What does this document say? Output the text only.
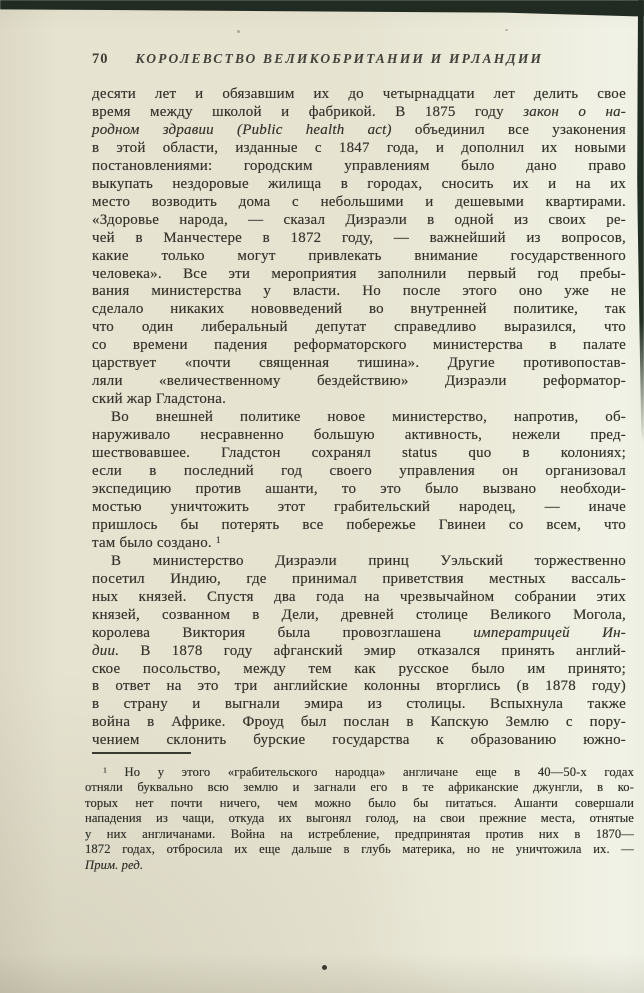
70 КОРОЛЕВСТВО ВЕЛИКОБРИТАНИИ И ИРЛАНДИИ
десяти лет и обязавшим их до четырнадцати лет делить свое
время между школой и фабрикой. В 1875 году закон о на-
родном здравии (Public health act) объединил все узаконения
в этой области, изданные с 1847 года, и дополнил их новыми
постановлениями: городским управлениям было дано право
выкупать нездоровые жилища в городах, сносить их и на их
место возводить дома с небольшими и дешевыми квартирами.
«Здоровье народа, — сказал Дизраэли в одной из своих ре-
чей в Манчестере в 1872 году, — важнейший из вопросов,
какие только могут привлекать внимание государственного
человека». Все эти мероприятия заполнили первый год пребы-
вания министерства у власти. Но после этого оно уже не
сделало никаких нововведений во внутренней политике, так
что один либеральный депутат справедливо выразился, что
со времени падения реформаторского министерства в палате
царствует «почти священная тишина». Другие противопостав-
ляли «величественному бездействию» Дизраэли реформатор-
ский жар Гладстона.
Во внешней политике новое министерство, напротив, об-
наруживало несравненно большую активность, нежели пред-
шествовавшее. Гладстон сохранял status quo в колониях;
если в последний год своего управления он организовал
экспедицию против ашанти, то это было вызвано необходи-
мостью уничтожить этот грабительский народец, — иначе
пришлось бы потерять все побережье Гвинеи со всем, что
там было создано. $^1$
В министерство Дизраэли принц Уэльский торжественно
посетил Индию, где принимал приветствия местных вассаль-
ных князей. Спустя два года на чрезвычайном собрании этих
князей, созванном в Дели, древней столице Великого Могола,
королева Виктория была провозглашена императрицей Ин-
дии. В 1878 году афганский эмир отказался принять англий-
ское посольство, между тем как русское было им принято;
в ответ на это три английские колонны вторглись (в 1878 году)
в страну и выгнали эмира из столицы. Вспыхнула также
война в Африке. Фроуд был послан в Капскую Землю с пору-
чением склонить бурские государства к образованию южно-
$^1$ Но у этого «грабительского народца» англичане еще в 40—50-х годах
отняли буквально всю землю и загнали его в те африканские джунгли, в ко-
торых нет почти ничего, чем можно было бы питаться. Ашанти совершали
нападения из чащи, откуда их выгонял голод, на свои прежние места, отнятые
у них англичанами. Война на истребление, предпринятая против них в 1870—
1872 годах, отбросила их еще дальше в глубь материка, но не уничтожила их. —
Прим. ред.
